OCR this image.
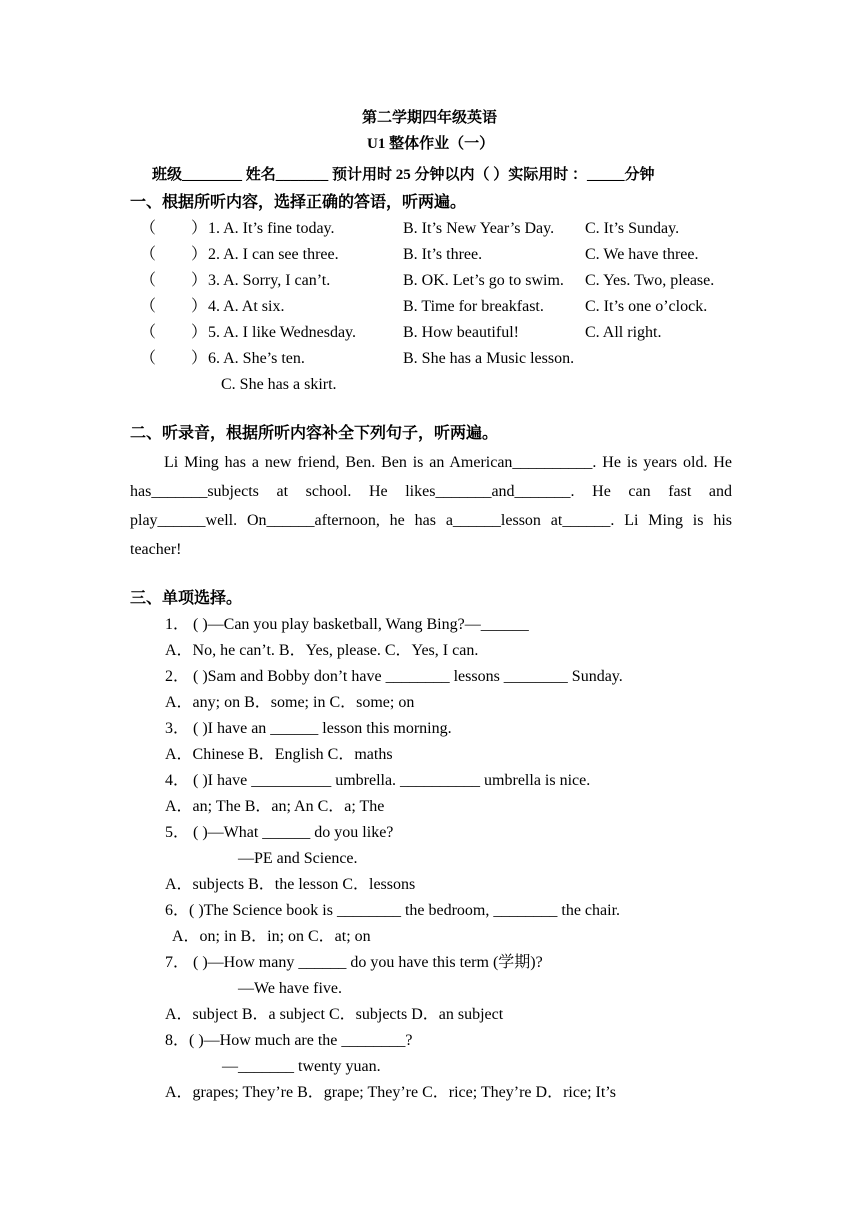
第二学期四年级英语
U1 整体作业（一）
班级________ 姓名_______ 预计用时 25 分钟以内（ ）实际用时 ：_____分钟
一、根据所听内容，选择正确的答语，听两遍。
（ ） 1. A. It’s fine today.	B. It’s New Year’s Day. C. It’s Sunday.
（ ） 2. A. I can see three.	B. It’s three.	C. We have three.
（ ） 3. A. Sorry, I can’t.	B. OK. Let’s go to swim. C. Yes. Two, please.
（ ） 4. A. At six.	B. Time for breakfast.	C. It’s one o’clock.
（ ） 5. A. I like Wednesday.	B. How beautiful!	C. All right.
（ ） 6. A. She’s ten.	B. She has a Music lesson.
C. She has a skirt.
二、听录音，根据所听内容补全下列句子，听两遍。

Li Ming has a new friend, Ben. Ben is an American__________. He is years old. He has_______subjects at school. He likes_______and_______. He can fast and play______well. On______afternoon, he has a______lesson at______. Li Ming is his teacher!

三、单项选择。
1． ( )—Can you play basketball, Wang Bing?—______
A．No, he can’t. B．Yes, please. C．Yes, I can.
2． ( )Sam and Bobby don’t have ________ lessons ________ Sunday.
A．any; on B．some; in C．some; on
3． ( )I have an ______ lesson this morning.
A．Chinese B．English C．maths
4． ( )I have __________ umbrella. __________ umbrella is nice.
A．an; The B．an; An C．a; The
5． ( )—What ______ do you like?
—PE and Science.
A．subjects B．the lesson C．lessons
6．( )The Science book is ________ the bedroom, ________ the chair.
A．on; in B．in; on C．at; on
7． ( )—How many ______ do you have this term (学期)?
—We have five.
A．subject B．a subject C．subjects D．an subject
8．( )—How much are the ________?
—_______ twenty yuan.
A．grapes; They’re B．grape; They’re C．rice; They’re D．rice; It’s
